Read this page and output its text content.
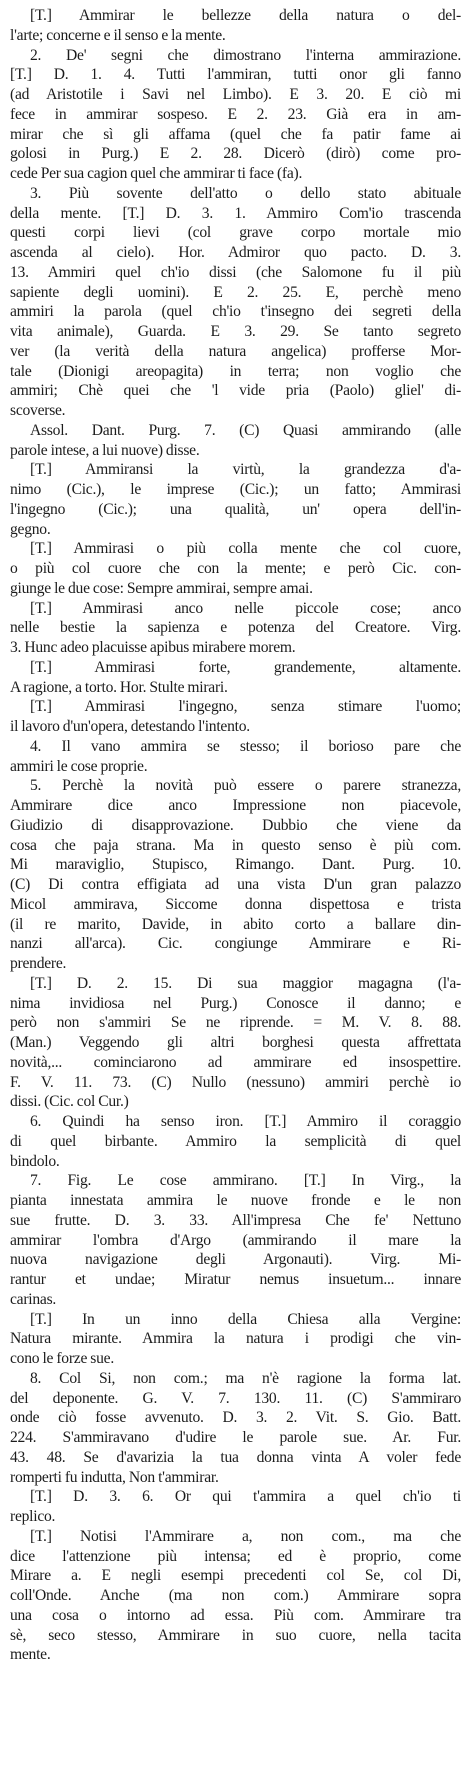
[T.] Ammirar le bellezze della natura o del-
l'arte; concerne e il senso e la mente.
2. De' segni che dimostrano l'interna ammirazione.
[T.] D. 1. 4. Tutti l'ammiran, tutti onor gli fanno
(ad Aristotile i Savi nel Limbo). E 3. 20. E ciò mi
fece in ammirar sospeso. E 2. 23. Già era in am-
mirar che sì gli affama (quel che fa patir fame ai
golosi in Purg.) E 2. 28. Dicerò (dirò) come pro-
cede Per sua cagion quel che ammirar ti face (fa).
3. Più sovente dell'atto o dello stato abituale
della mente. [T.] D. 3. 1. Ammiro Com'io trascenda
questi corpi lievi (col grave corpo mortale mio
ascenda al cielo). Hor. Admiror quo pacto. D. 3.
13. Ammiri quel ch'io dissi (che Salomone fu il più
sapiente degli uomini). E 2. 25. E, perchè meno
ammiri la parola (quel ch'io t'insegno dei segreti della
vita animale), Guarda. E 3. 29. Se tanto segreto
ver (la verità della natura angelica) profferse Mor-
tale (Dionigi areopagita) in terra; non voglio che
ammiri; Chè quei che 'l vide pria (Paolo) gliel' di-
scoverse.
Assol. Dant. Purg. 7. (C) Quasi ammirando (alle
parole intese, a lui nuove) disse.
[T.] Ammiransi la virtù, la grandezza d'a-
nimo (Cic.), le imprese (Cic.); un fatto; Ammirasi
l'ingegno (Cic.); una qualità, un' opera dell'in-
gegno.
[T.] Ammirasi o più colla mente che col cuore,
o più col cuore che con la mente; e però Cic. con-
giunge le due cose: Sempre ammirai, sempre amai.
[T.] Ammirasi anco nelle piccole cose; anco
nelle bestie la sapienza e potenza del Creatore. Virg.
3. Hunc adeo placuisse apibus mirabere morem.
[T.] Ammirasi forte, grandemente, altamente.
A ragione, a torto. Hor. Stulte mirari.
[T.] Ammirasi l'ingegno, senza stimare l'uomo;
il lavoro d'un'opera, detestando l'intento.
4. Il vano ammira se stesso; il borioso pare che
ammiri le cose proprie.
5. Perchè la novità può essere o parere stranezza,
Ammirare dice anco Impressione non piacevole,
Giudizio di disapprovazione. Dubbio che viene da
cosa che paja strana. Ma in questo senso è più com.
Mi maraviglio, Stupisco, Rimango. Dant. Purg. 10.
(C) Di contra effigiata ad una vista D'un gran palazzo
Micol ammirava, Siccome donna dispettosa e trista
(il re marito, Davide, in abito corto a ballare din-
nanzi all'arca). Cic. congiunge Ammirare e Ri-
prendere.
[T.] D. 2. 15. Di sua maggior magagna (l'a-
nima invidiosa nel Purg.) Conosce il danno; e
però non s'ammiri Se ne riprende. = M. V. 8. 88.
(Man.) Veggendo gli altri borghesi questa affrettata
novità,... cominciarono ad ammirare ed insospettire.
F. V. 11. 73. (C) Nullo (nessuno) ammiri perchè io
dissi. (Cic. col Cur.)
6. Quindi ha senso iron. [T.] Ammiro il coraggio
di quel birbante. Ammiro la semplicità di quel
bindolo.
7. Fig. Le cose ammirano. [T.] In Virg., la
pianta innestata ammira le nuove fronde e le non
sue frutte. D. 3. 33. All'impresa Che fe' Nettuno
ammirar l'ombra d'Argo (ammirando il mare la
nuova navigazione degli Argonauti). Virg. Mi-
rantur et undae; Miratur nemus insuetum... innare
carinas.
[T.] In un inno della Chiesa alla Vergine:
Natura mirante. Ammira la natura i prodigi che vin-
cono le forze sue.
8. Col Si, non com.; ma n'è ragione la forma lat.
del deponente. G. V. 7. 130. 11. (C) S'ammiraro
onde ciò fosse avvenuto. D. 3. 2. Vit. S. Gio. Batt.
224. S'ammiravano d'udire le parole sue. Ar. Fur.
43. 48. Se d'avarizia la tua donna vinta A voler fede
romperti fu indutta, Non t'ammirar.
[T.] D. 3. 6. Or qui t'ammira a quel ch'io ti
replico.
[T.] Notisi l'Ammirare a, non com., ma che
dice l'attenzione più intensa; ed è proprio, come
Mirare a. E negli esempi precedenti col Se, col Di,
coll'Onde. Anche (ma non com.) Ammirare sopra
una cosa o intorno ad essa. Più com. Ammirare tra
sè, seco stesso, Ammirare in suo cuore, nella tacita
mente.
